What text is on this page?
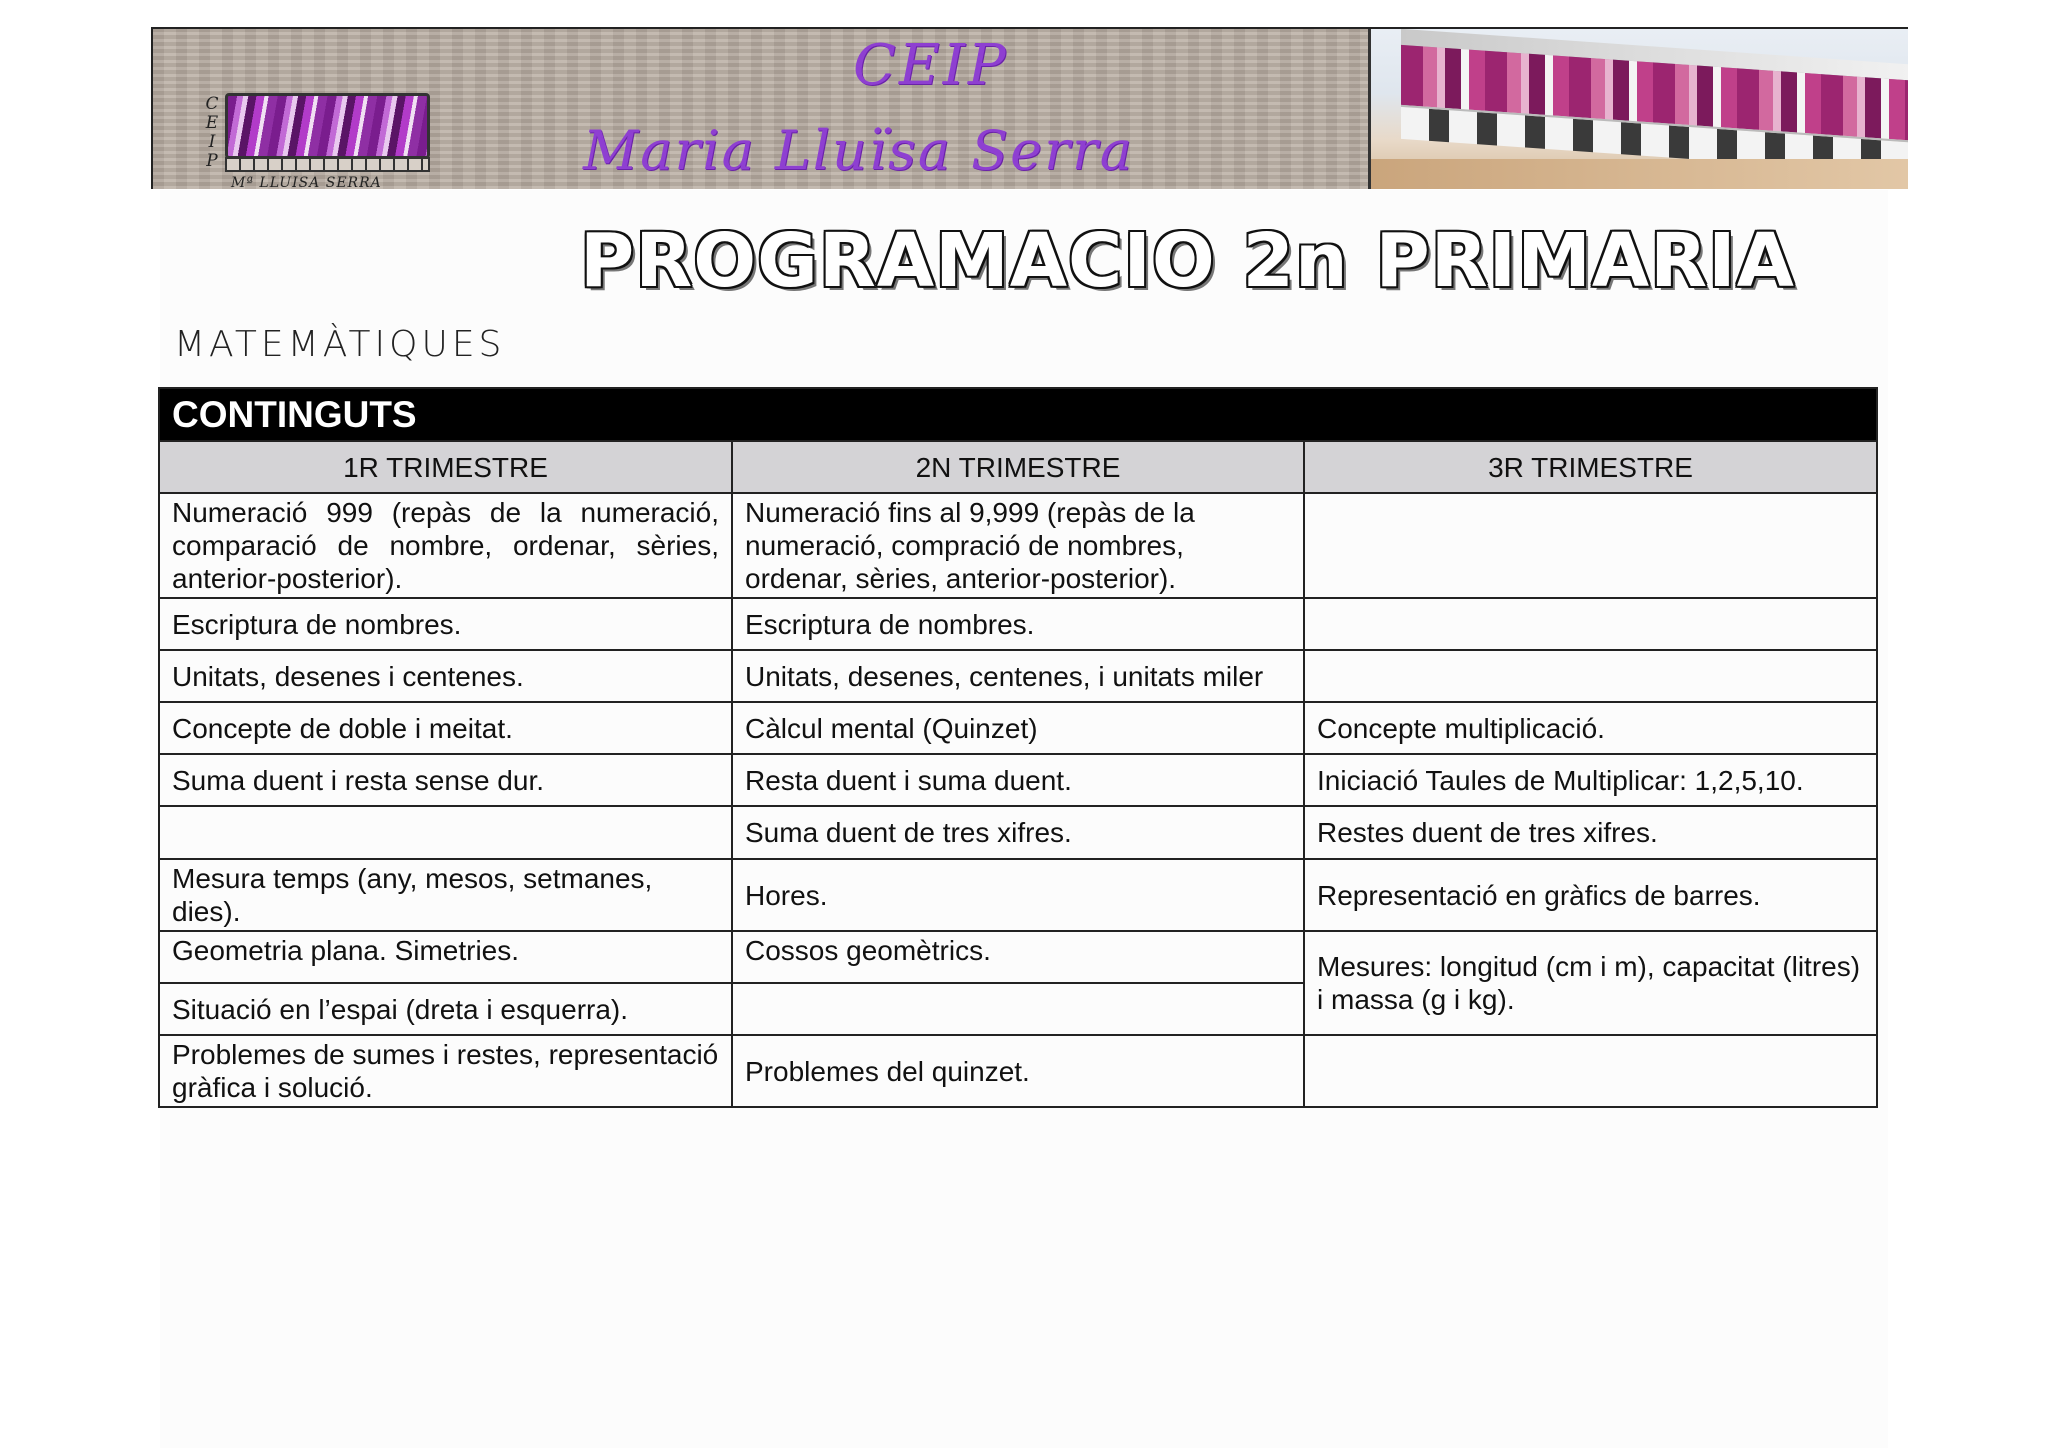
C
E
I
P
Mª LLUISA SERRA
CEIP
Maria Lluïsa Serra
PROGRAMACIO 2n PRIMARIA
MATEMÀTIQUES
CONTINGUTS		
1R TRIMESTRE	2N TRIMESTRE	3R TRIMESTRE
Numeració 999 (repàs de la numeració, comparació de nombre, ordenar, sèries, anterior-posterior).	Numeració fins al 9,999 (repàs de la numeració, compració de nombres, ordenar, sèries, anterior-posterior).	
Escriptura de nombres.	Escriptura de nombres.	
Unitats, desenes i centenes.	Unitats, desenes, centenes, i unitats miler	
Concepte de doble i meitat.	Càlcul mental (Quinzet)	Concepte multiplicació.
Suma duent i resta sense dur.	Resta duent i suma duent.	Iniciació Taules de Multiplicar: 1,2,5,10.
	Suma duent de tres xifres.	Restes duent de tres xifres.
Mesura temps (any, mesos, setmanes, dies).	Hores.	Representació en gràfics de barres.
Geometria plana. Simetries.	Cossos geomètrics.	Mesures: longitud (cm i m), capacitat (litres) i massa (g i kg).
Situació en l’espai (dreta i esquerra).		
Problemes de sumes i restes, representació gràfica i solució.	Problemes del quinzet.	
